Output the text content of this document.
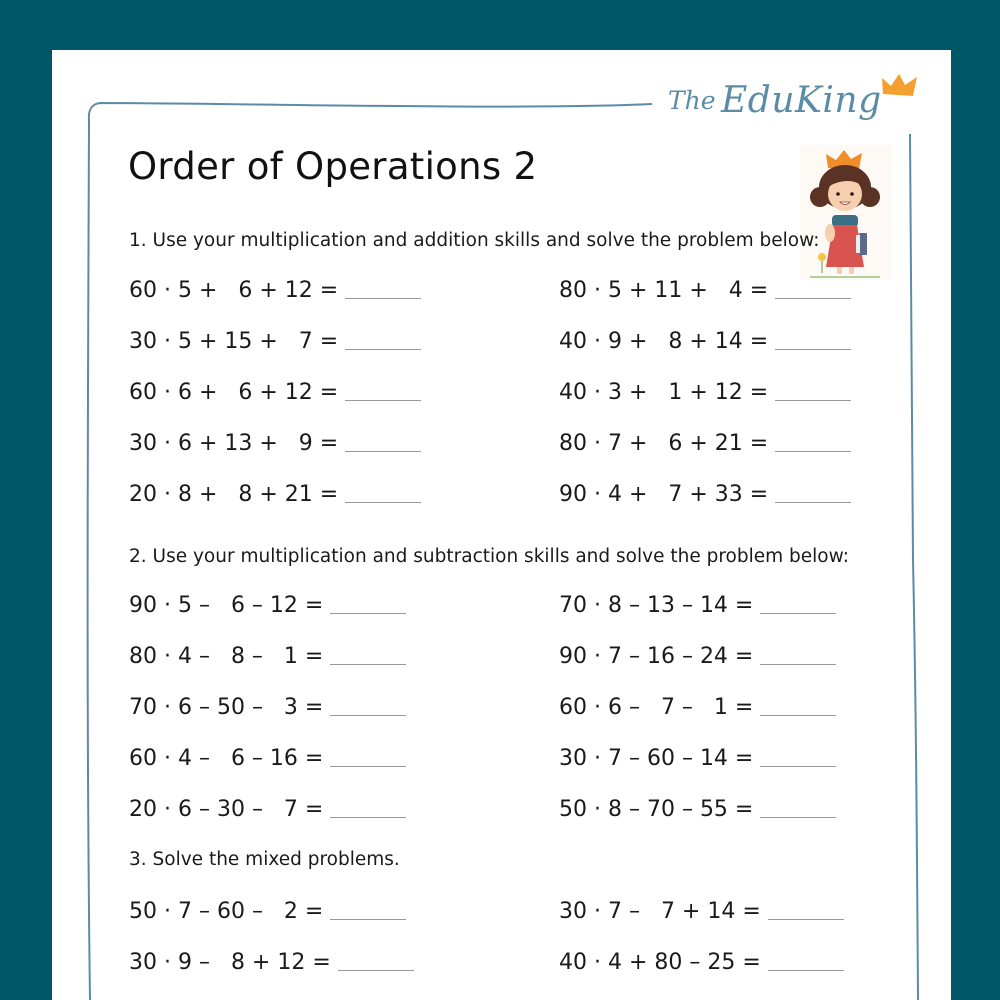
The EduKing
Order of Operations 2
1. Use your multiplication and addition skills and solve the problem below:
60 · 5 +   6 + 12 =
30 · 5 + 15 +   7 =
60 · 6 +   6 + 12 =
30 · 6 + 13 +   9 =
20 · 8 +   8 + 21 =
80 · 5 + 11 +   4 =
40 · 9 +   8 + 14 =
40 · 3 +   1 + 12 =
80 · 7 +   6 + 21 =
90 · 4 +   7 + 33 =
2. Use your multiplication and subtraction skills and solve the problem below:
90 · 5 –   6 – 12 =
80 · 4 –   8 –   1 =
70 · 6 – 50 –   3 =
60 · 4 –   6 – 16 =
20 · 6 – 30 –   7 =
70 · 8 – 13 – 14 =
90 · 7 – 16 – 24 =
60 · 6 –   7 –   1 =
30 · 7 – 60 – 14 =
50 · 8 – 70 – 55 =
3. Solve the mixed problems.
50 · 7 – 60 –   2 =
30 · 9 –   8 + 12 =
30 · 7 –   7 + 14 =
40 · 4 + 80 – 25 =
